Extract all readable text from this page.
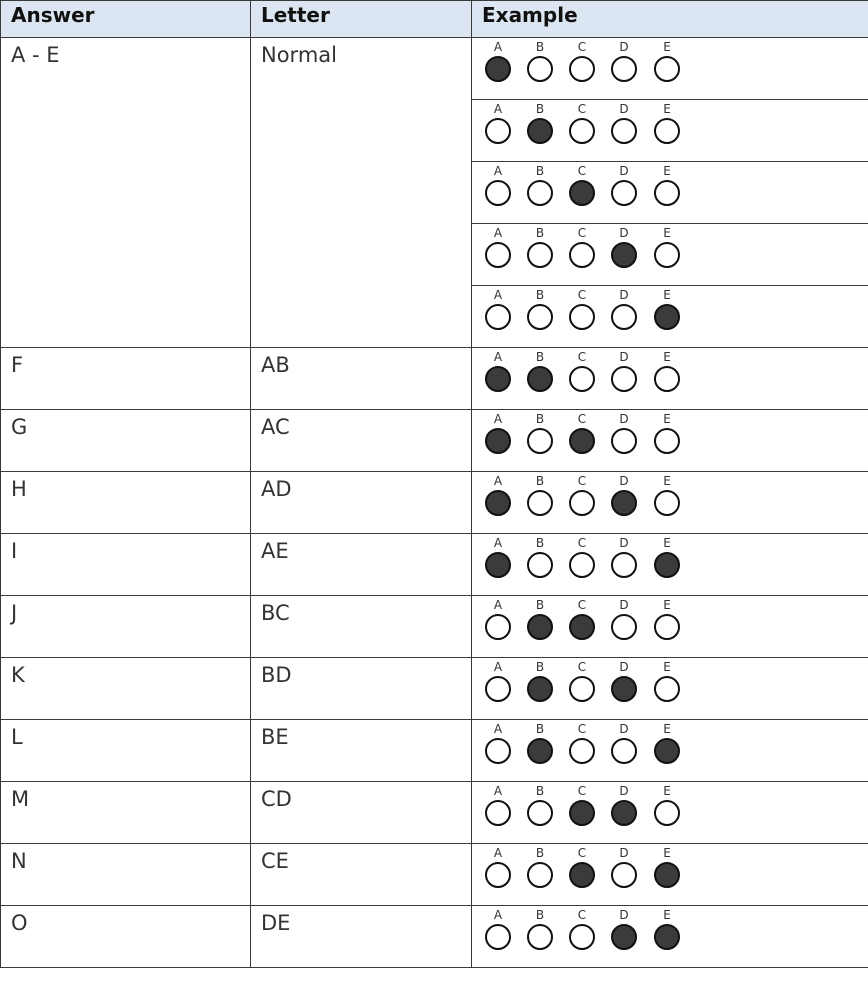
Answer	Letter	Example
A - E	Normal	A B C D E

		A B C D E

		A B C D E

		A B C D E

		A B C D E

F	AB	A B C D E

G	AC	A B C D E

H	AD	A B C D E

I	AE	A B C D E

J	BC	A B C D E

K	BD	A B C D E

L	BE	A B C D E

M	CD	A B C D E

N	CE	A B C D E

O	DE	A B C D E
